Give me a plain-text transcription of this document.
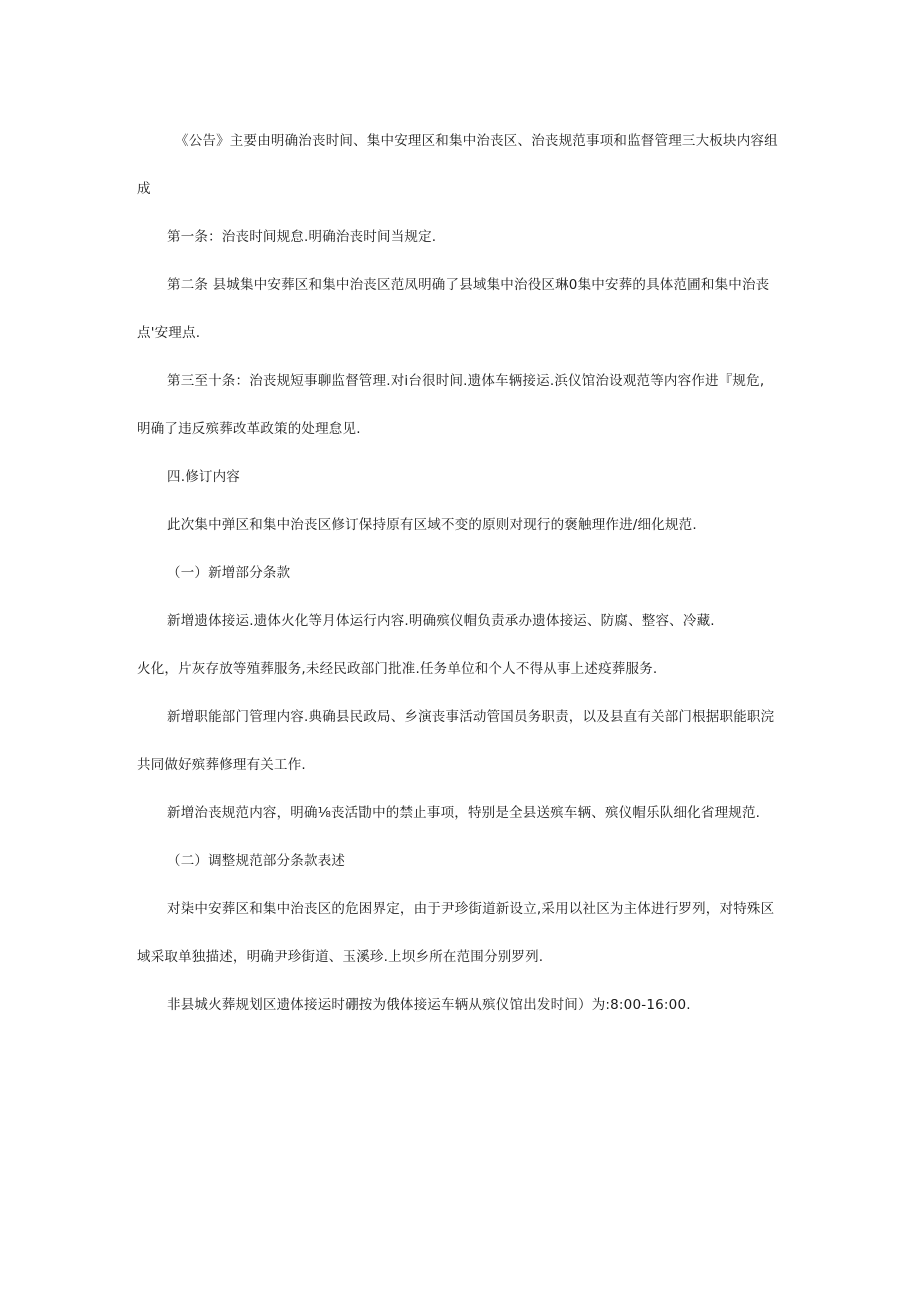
《公告》主要由明确治丧时间、集中安理区和集中治丧区、治丧规范事项和监督管理三大板块内容组
成
第一条：治丧时间规怠.明确治丧时间当规定.
第二条 县城集中安葬区和集中治丧区范凤明确了县域集中治役区琳0集中安葬的具体范圃和集中治丧
点'安理点.
第三至十条：治丧规短事聊监督管理.对i台很时间.遗体车辆接运.浜仪馆治设观范等内容作进『规危,
明确了违反殡葬改革政策的处理怠见.
四.修订内容
此次集中弹区和集中治丧区修订保持原有区域不变的原则对现行的褒触理作进/细化规范.
（一）新增部分条款
新增遗体接运.遗体火化等月体运行内容.明确殡仪帽负责承办遗体接运、防腐、整容、冷藏.
火化，片灰存放等殖葬服务,未经民政部门批准.任务单位和个人不得从事上述疫葬服务.
新增职能部门管理内容.典确县民政局、乡演丧事活动管国员务职责，以及县直有关部门根据职能职浣
共同做好殡葬修理有关工作.
新增治丧规范内容，明确⅛丧活勖中的禁止事项，特别是全县送殡车辆、殡仪帽乐队细化省理规范.
（二）调整规范部分条款表述
对柒中安葬区和集中治丧区的危困界定，由于尹珍街道新设立,采用以社区为主体进行罗列，对特殊区
域采取单独描述，明确尹珍街道、玉溪珍.上坝乡所在范围分别罗列.
非县城火葬规划区遗体接运时硼按为俄体接运车辆从殡仪馆出发时间）为:8:00-16:00.
